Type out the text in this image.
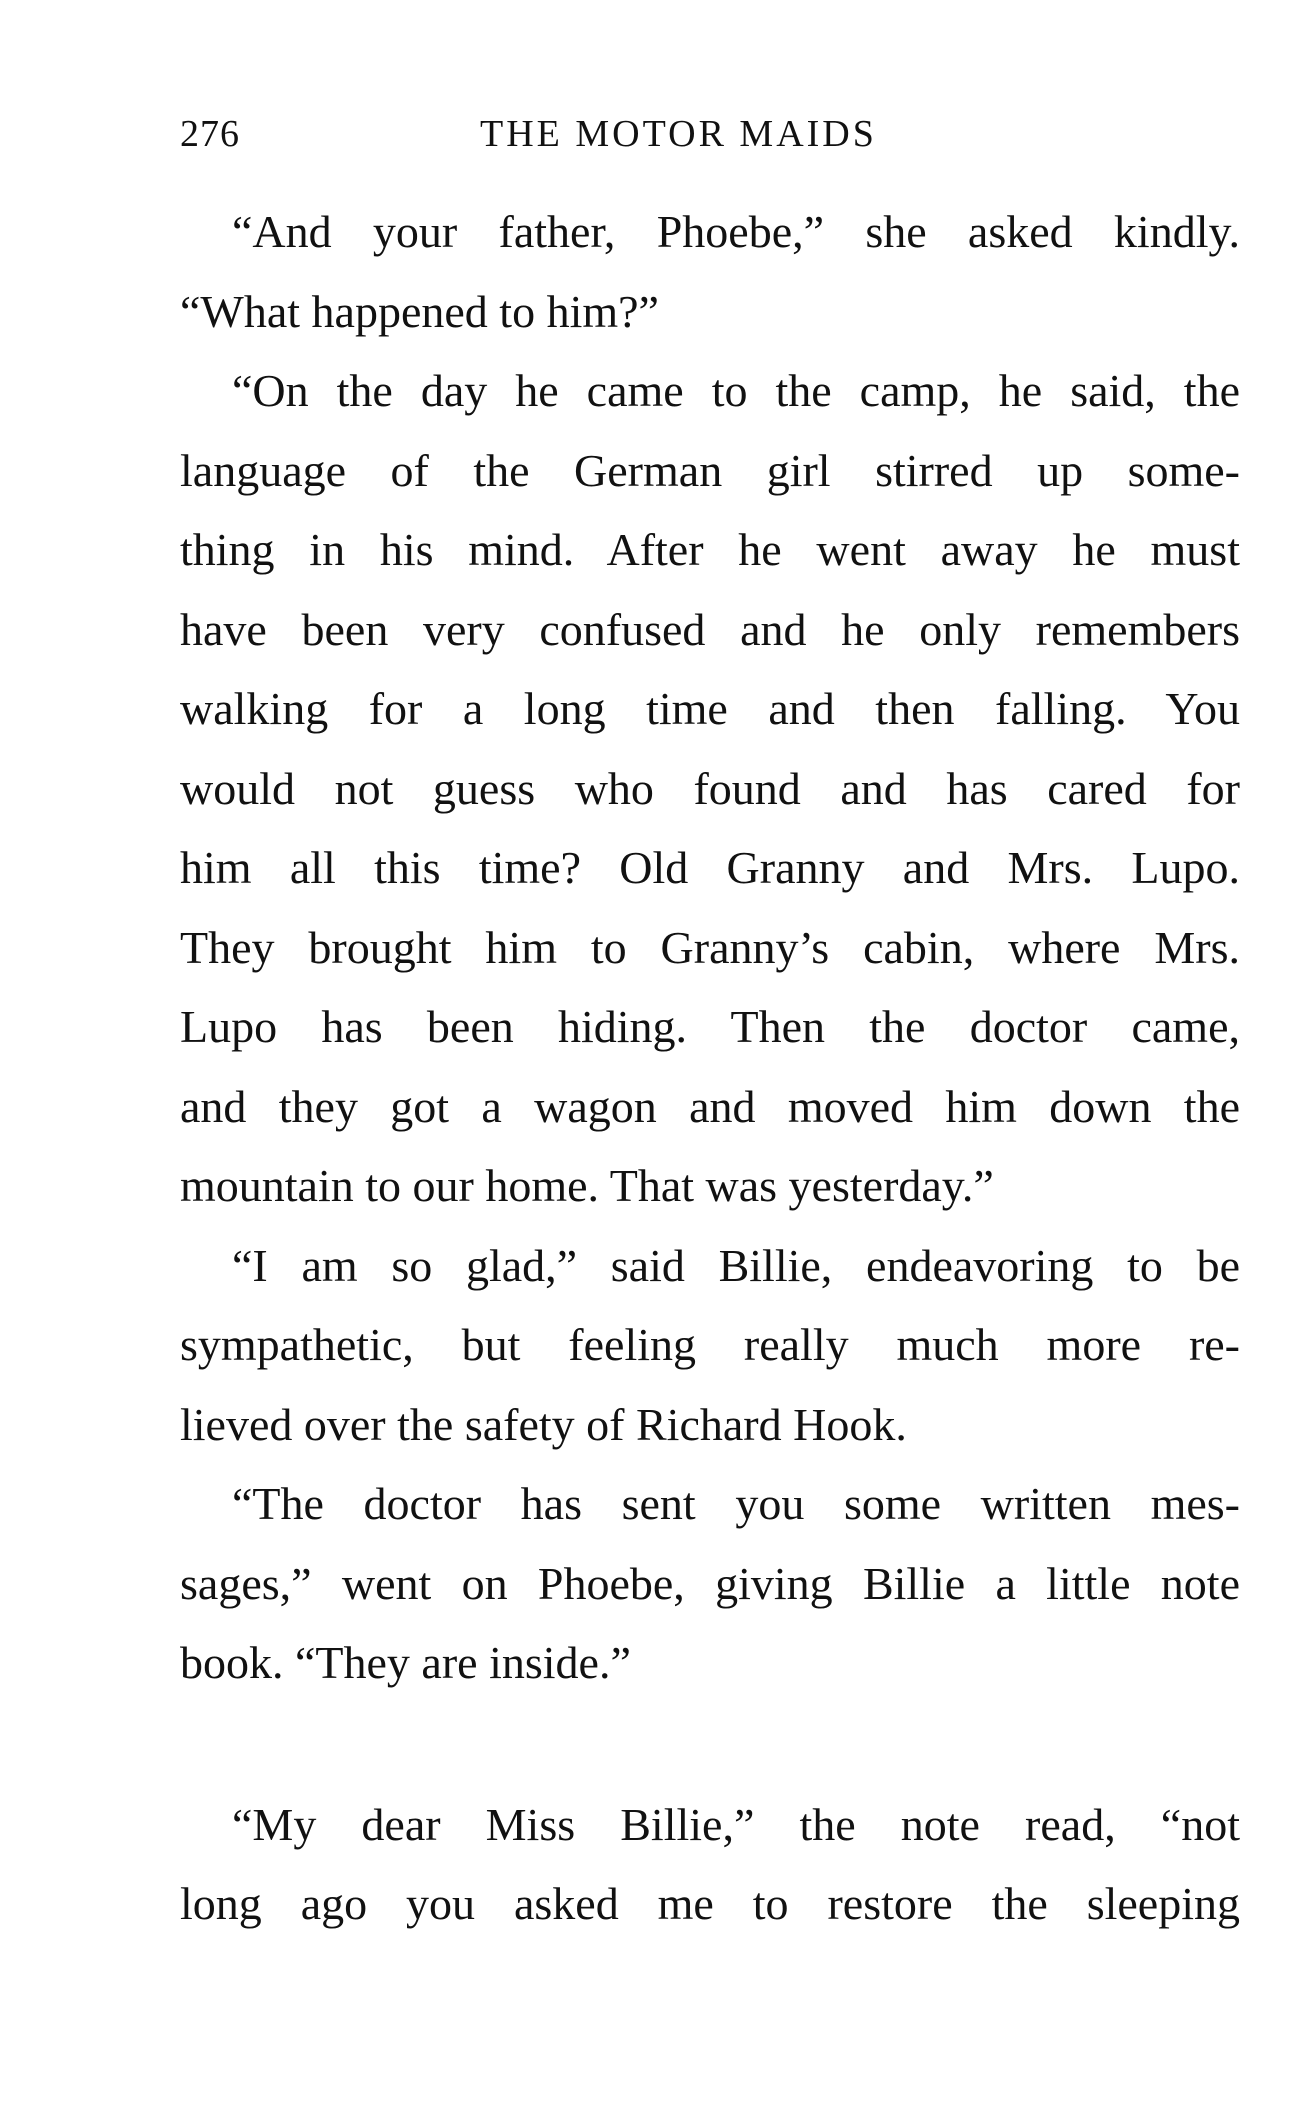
276	THE MOTOR MAIDS
“And your father, Phoebe,” she asked kindly.
“What happened to him?”
“On the day he came to the camp, he said, the
language of the German girl stirred up some-
thing in his mind. After he went away he must
have been very confused and he only remembers
walking for a long time and then falling. You
would not guess who found and has cared for
him all this time? Old Granny and Mrs. Lupo.
They brought him to Granny’s cabin, where Mrs.
Lupo has been hiding. Then the doctor came,
and they got a wagon and moved him down the
mountain to our home. That was yesterday.”
“I am so glad,” said Billie, endeavoring to be
sympathetic, but feeling really much more re-
lieved over the safety of Richard Hook.
“The doctor has sent you some written mes-
sages,” went on Phoebe, giving Billie a little note
book. “They are inside.”
“My dear Miss Billie,” the note read, “not
long ago you asked me to restore the sleeping
